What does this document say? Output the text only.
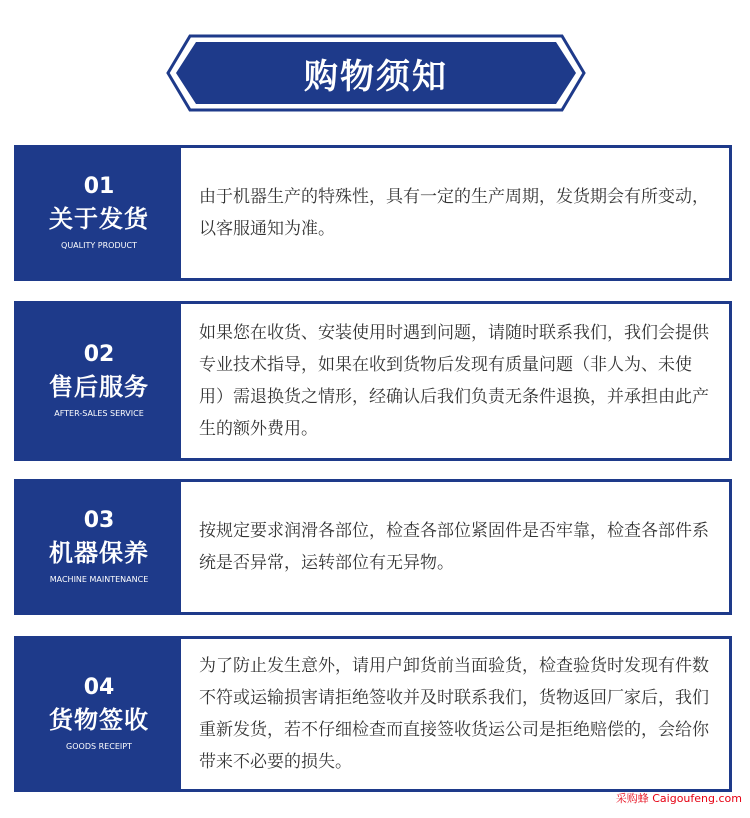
购物须知
01
关于发货
QUALITY PRODUCT
由于机器生产的特殊性，具有一定的生产周期，发货期会有所变动，以客服通知为准。
02
售后服务
AFTER-SALES SERVICE
如果您在收货、安装使用时遇到问题，请随时联系我们，我们会提供专业技术指导，如果在收到货物后发现有质量问题（非人为、未使用）需退换货之情形，经确认后我们负责无条件退换，并承担由此产生的额外费用。
03
机器保养
MACHINE MAINTENANCE
按规定要求润滑各部位，检查各部位紧固件是否牢靠，检查各部件系统是否异常，运转部位有无异物。
04
货物签收
GOODS RECEIPT
为了防止发生意外，请用户卸货前当面验货，检查验货时发现有件数不符或运输损害请拒绝签收并及时联系我们，货物返回厂家后，我们重新发货，若不仔细检查而直接签收货运公司是拒绝赔偿的，会给你带来不必要的损失。
采购蜂 Caigoufeng.com
